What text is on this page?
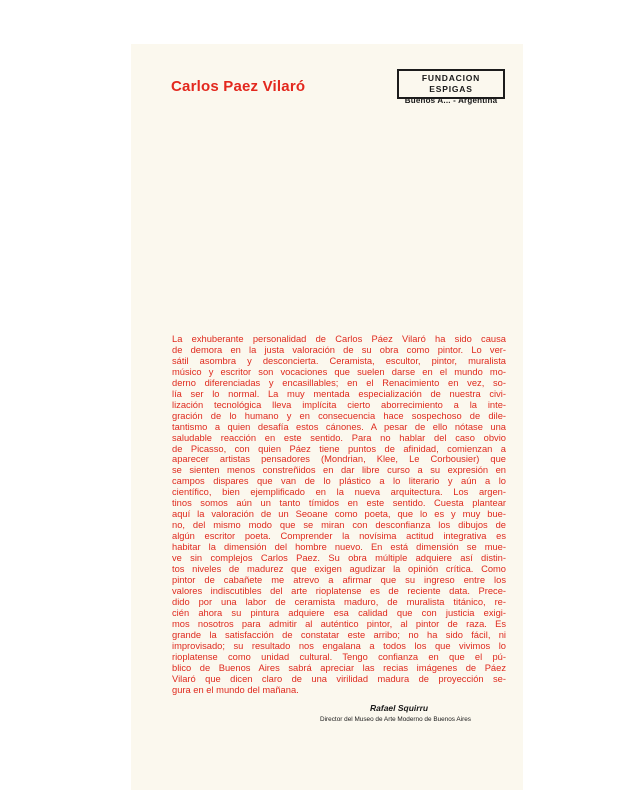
Carlos Paez Vilaró	FUNDACION ESPIGAS
Buenos A... - Argentina
La exhuberante personalidad de Carlos Páez Vilaró ha sido causa
de demora en la justa valoración de su obra como pintor. Lo ver-
sátil asombra y desconcierta. Ceramista, escultor, pintor, muralista
músico y escritor son vocaciones que suelen darse en el mundo mo-
derno diferenciadas y encasillables; en el Renacimiento en vez, so-
lía ser lo normal. La muy mentada especialización de nuestra civi-
lización tecnológica lleva implícita cierto aborrecimiento a la inte-
gración de lo humano y en consecuencia hace sospechoso de dile-
tantismo a quien desafía estos cánones. A pesar de ello nótase una
saludable reacción en este sentido. Para no hablar del caso obvio
de Picasso, con quien Páez tiene puntos de afinidad, comienzan a
aparecer artistas pensadores (Mondrian, Klee, Le Corbousier) que
se sienten menos constreñidos en dar libre curso a su expresión en
campos dispares que van de lo plástico a lo literario y aún a lo
científico, bien ejemplificado en la nueva arquitectura. Los argen-
tinos somos aún un tanto tímidos en este sentido. Cuesta plantear
aquí la valoración de un Seoane como poeta, que lo es y muy bue-
no, del mismo modo que se miran con desconfianza los dibujos de
algún escritor poeta. Comprender la novísima actitud integrativa es
habitar la dimensión del hombre nuevo. En está dimensión se mue-
ve sin complejos Carlos Paez. Su obra múltiple adquiere así distin-
tos niveles de madurez que exigen agudizar la opinión crítica. Como
pintor de cabañete me atrevo a afirmar que su ingreso entre los
valores indiscutibles del arte rioplatense es de reciente data. Prece-
dido por una labor de ceramista maduro, de muralista titánico, re-
cién ahora su pintura adquiere esa calidad que con justicia exigi-
mos nosotros para admitir al auténtico pintor, al pintor de raza. Es
grande la satisfacción de constatar este arribo; no ha sido fácil, ni
improvisado; su resultado nos engalana a todos los que vivimos lo
rioplatense como unidad cultural. Tengo confianza en que el pú-
blico de Buenos Aires sabrá apreciar las recias imágenes de Páez
Vilaró que dicen claro de una virilidad madura de proyección se-
gura en el mundo del mañana.
Rafael Squirru
Director del Museo de Arte Moderno de Buenos Aires
